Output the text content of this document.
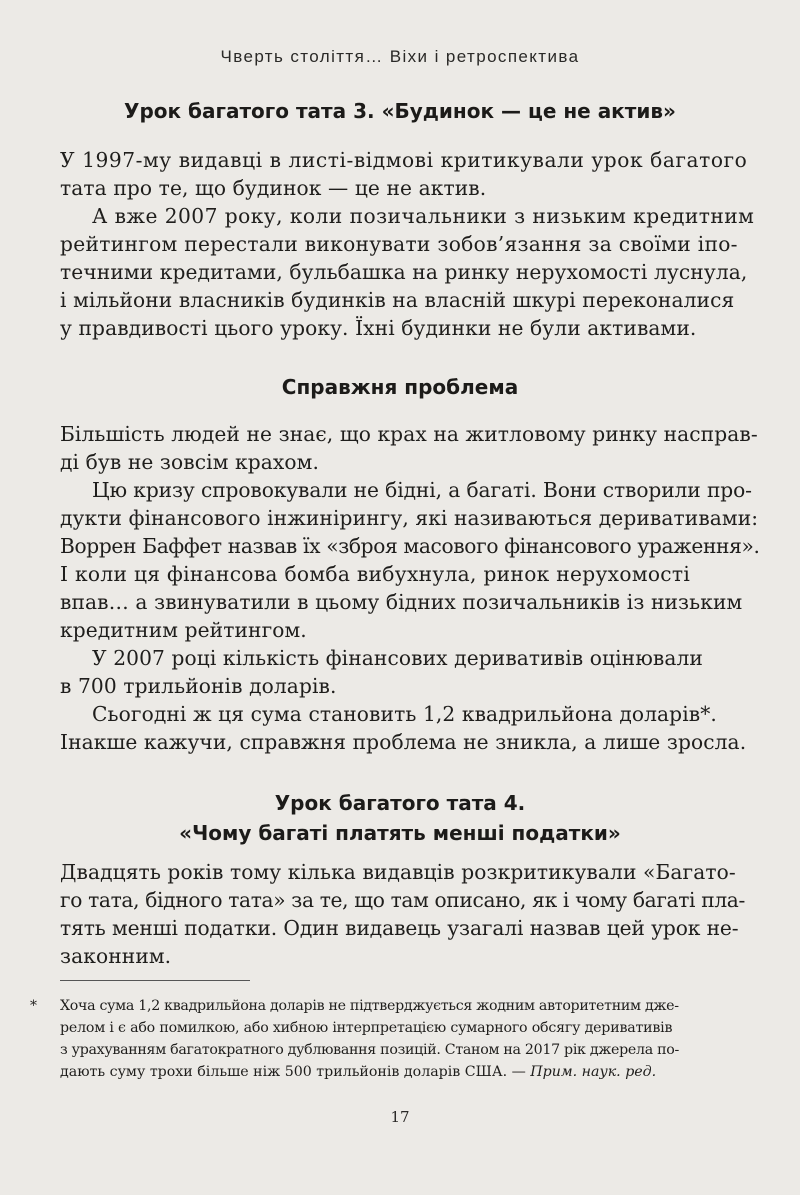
Чверть століття… Віхи і ретроспектива
Урок багатого тата 3. «Будинок — це не актив»
У 1997-му видавці в листі-відмові критикували урок багатого
тата про те, що будинок — це не актив.
А вже 2007 року, коли позичальники з низьким кредитним
рейтингом перестали виконувати зобов’язання за своїми іпо-
течними кредитами, бульбашка на ринку нерухомості луснула,
і мільйони власників будинків на власній шкурі переконалися
у правдивості цього уроку. Їхні будинки не були активами.
Справжня проблема
Більшість людей не знає, що крах на житловому ринку насправ-
ді був не зовсім крахом.
Цю кризу спровокували не бідні, а багаті. Вони створили про-
дукти фінансового інжинірингу, які називаються деривативами:
Воррен Баффет назвав їх «зброя масового фінансового ураження».
І коли ця фінансова бомба вибухнула, ринок нерухомості
впав… а звинуватили в цьому бідних позичальників із низьким
кредитним рейтингом.
У 2007 році кількість фінансових деривативів оцінювали
в 700 трильйонів доларів.
Сьогодні ж ця сума становить 1,2 квадрильйона доларів*.
Інакше кажучи, справжня проблема не зникла, а лише зросла.
Урок багатого тата 4.
«Чому багаті платять менші податки»
Двадцять років тому кілька видавців розкритикували «Багато-
го тата, бідного тата» за те, що там описано, як і чому багаті пла-
тять менші податки. Один видавець узагалі назвав цей урок не-
законним.
* Хоча сума 1,2 квадрильйона доларів не підтверджується жодним авторитетним дже-
релом і є або помилкою, або хибною інтерпретацією сумарного обсягу деривативів
з урахуванням багатократного дублювання позицій. Станом на 2017 рік джерела по-
дають суму трохи більше ніж 500 трильйонів доларів США. — Прим. наук. ред.
17
